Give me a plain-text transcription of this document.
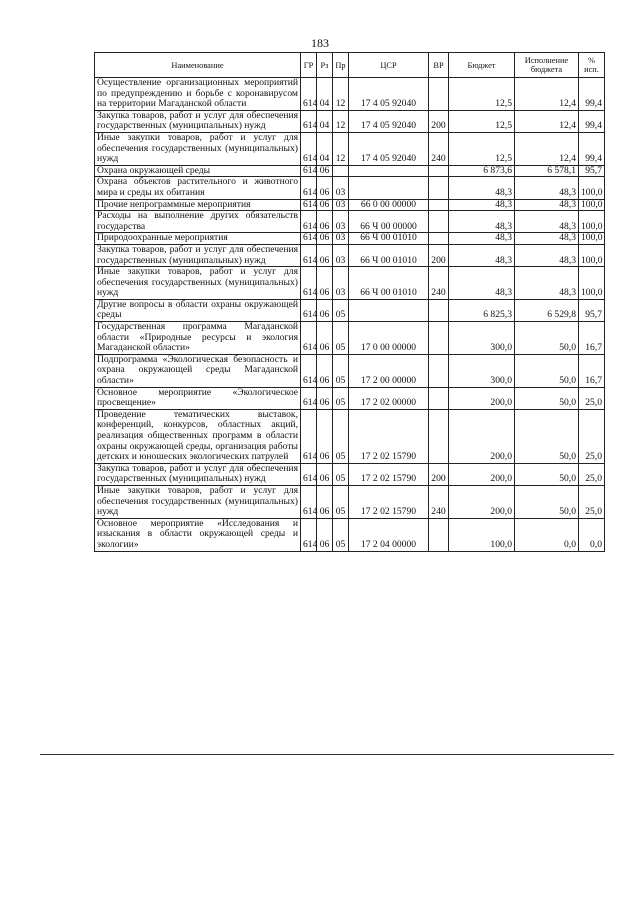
183
Наименование	ГР	Рз	Пр	ЦСР	ВР	Бюджет	Исполнение бюджета	% исп.
Осуществление организационных мероприятий по предупреждению и борьбе с коронавирусом на территории Магаданской области	614	04	12	17 4 05 92040		12,5	12,4	99,4
Закупка товаров, работ и услуг для обеспечения государственных (муниципальных) нужд	614	04	12	17 4 05 92040	200	12,5	12,4	99,4
Иные закупки товаров, работ и услуг для обеспечения государственных (муниципальных) нужд	614	04	12	17 4 05 92040	240	12,5	12,4	99,4
Охрана окружающей среды	614	06				6 873,6	6 578,1	95,7
Охрана объектов растительного и животного мира и среды их обитания	614	06	03			48,3	48,3	100,0
Прочие непрограммные мероприятия	614	06	03	66 0 00 00000		48,3	48,3	100,0
Расходы на выполнение других обязательств государства	614	06	03	66 Ч 00 00000		48,3	48,3	100,0
Природоохранные мероприятия	614	06	03	66 Ч 00 01010		48,3	48,3	100,0
Закупка товаров, работ и услуг для обеспечения государственных (муниципальных) нужд	614	06	03	66 Ч 00 01010	200	48,3	48,3	100,0
Иные закупки товаров, работ и услуг для обеспечения государственных (муниципальных) нужд	614	06	03	66 Ч 00 01010	240	48,3	48,3	100,0
Другие вопросы в области охраны окружающей среды	614	06	05			6 825,3	6 529,8	95,7
Государственная программа Магаданской области «Природные ресурсы и экология Магаданской области»	614	06	05	17 0 00 00000		300,0	50,0	16,7
Подпрограмма «Экологическая безопасность и охрана окружающей среды Магаданской области»	614	06	05	17 2 00 00000		300,0	50,0	16,7
Основное мероприятие «Экологическое просвещение»	614	06	05	17 2 02 00000		200,0	50,0	25,0
Проведение тематических выставок, конференций, конкурсов, областных акций, реализация общественных программ в области охраны окружающей среды, организация работы детских и юношеских экологических патрулей	614	06	05	17 2 02 15790		200,0	50,0	25,0
Закупка товаров, работ и услуг для обеспечения государственных (муниципальных) нужд	614	06	05	17 2 02 15790	200	200,0	50,0	25,0
Иные закупки товаров, работ и услуг для обеспечения государственных (муниципальных) нужд	614	06	05	17 2 02 15790	240	200,0	50,0	25,0
Основное мероприятие «Исследования и изыскания в области окружающей среды и экологии»	614	06	05	17 2 04 00000		100,0	0,0	0,0
